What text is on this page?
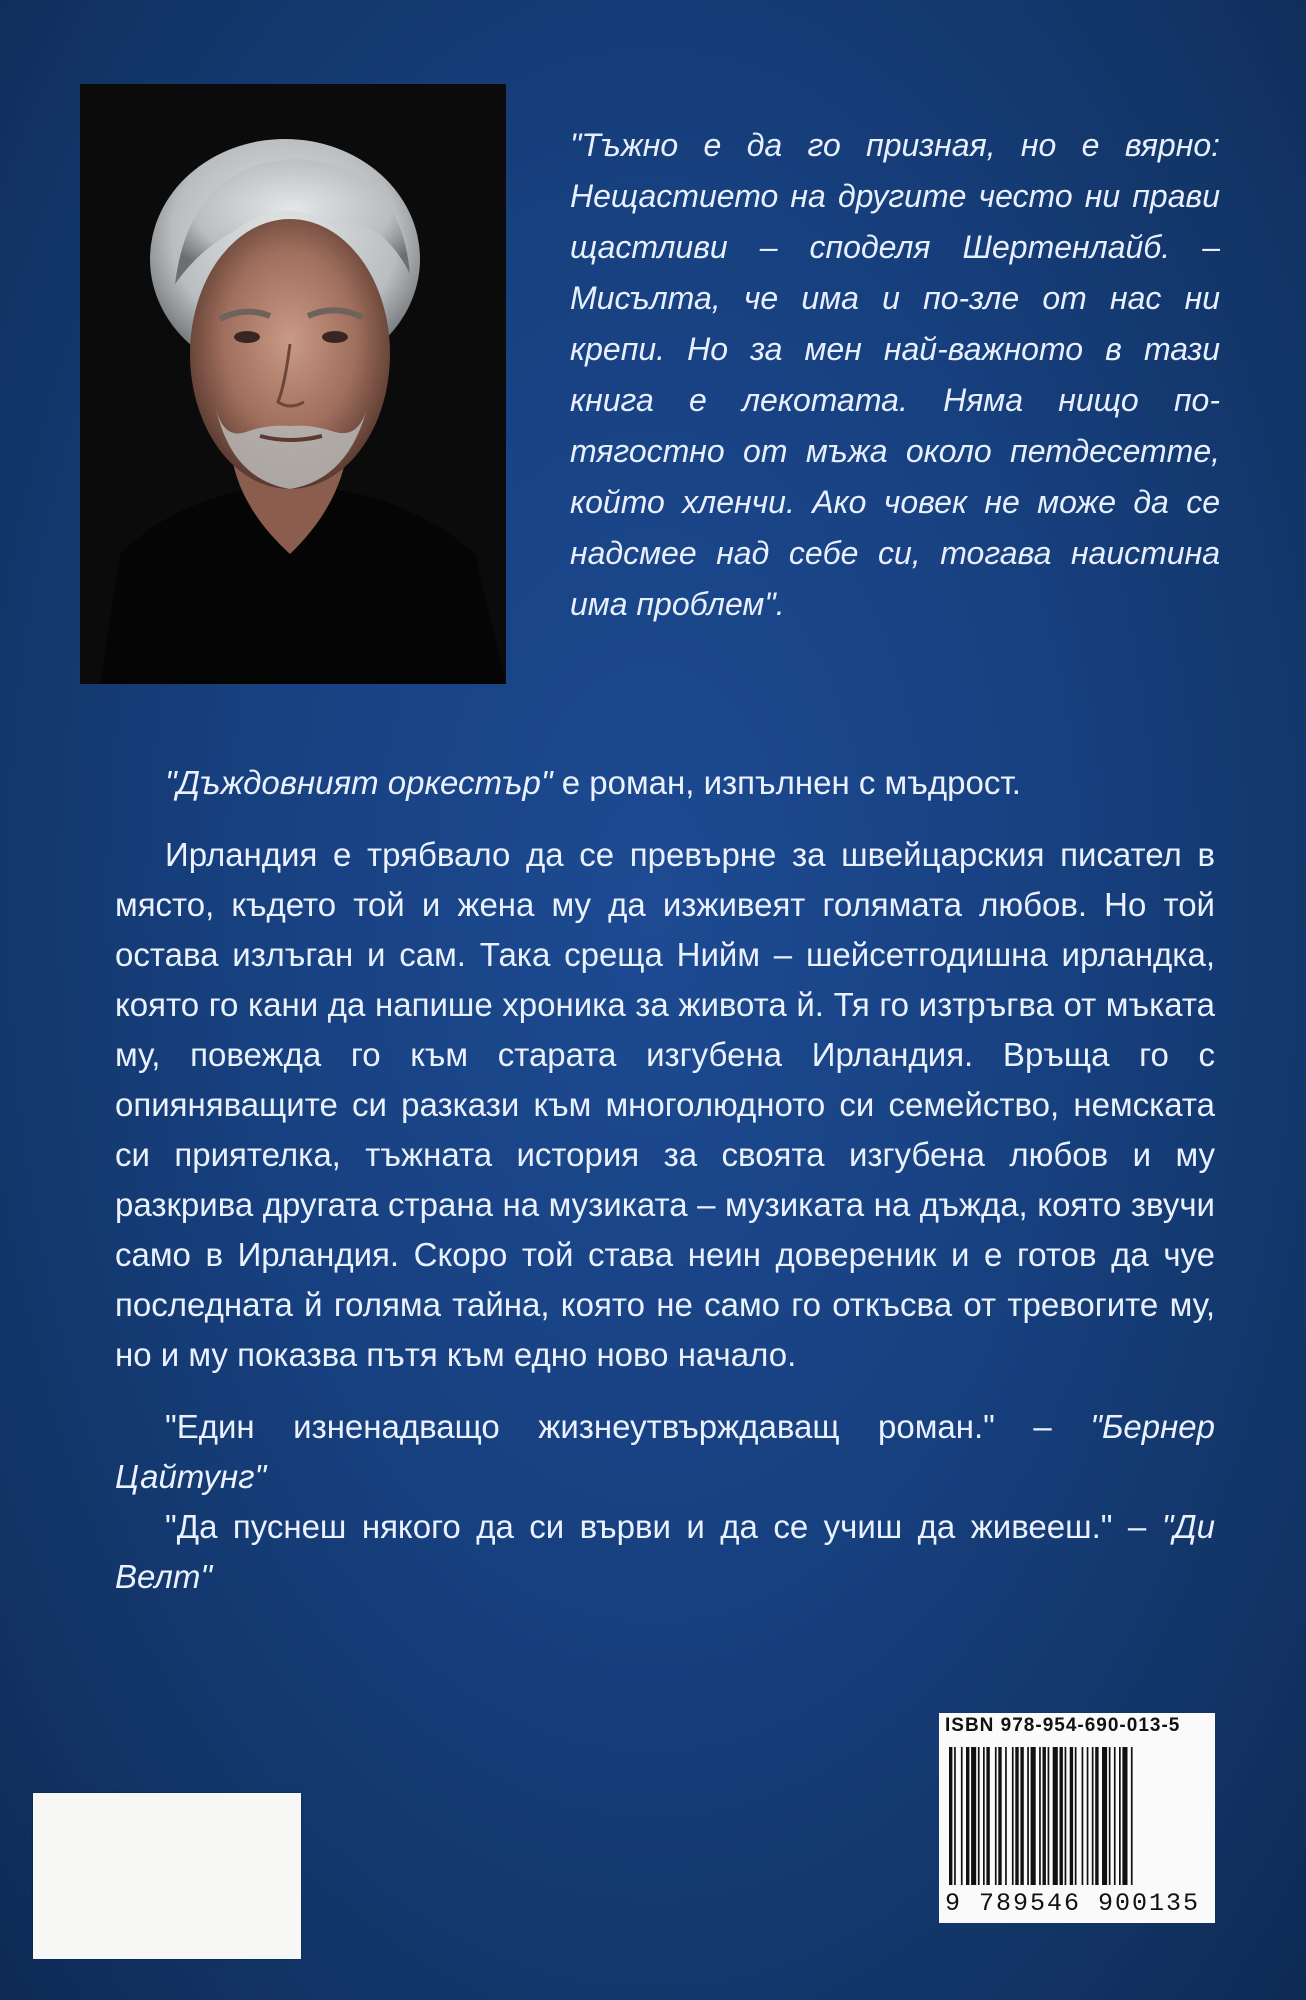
"Тъжно е да го призная, но е вярно: Нещастието на другите често ни прави щастливи – споделя Шертенлайб. – Мисълта, че има и по-зле от нас ни крепи. Но за мен най-важното в тази книга е лекотата. Няма нищо по-тягостно от мъжа около петдесетте, който хленчи. Ако човек не може да се надсмее над себе си, тогава наистина има проблем".

"Дъждовният оркестър" е роман, изпълнен с мъдрост.

Ирландия е трябвало да се превърне за швейцарския писател в място, където той и жена му да изживеят голямата любов. Но той остава излъган и сам. Така среща Нийм – шейсетгодишна ирландка, която го кани да напише хроника за живота й. Тя го изтръгва от мъката му, повежда го към старата изгубена Ирландия. Връща го с опияняващите си разкази към многолюдното си семейство, немската си приятелка, тъжната история за своята изгубена любов и му разкрива другата страна на музиката – музиката на дъжда, която звучи само в Ирландия. Скоро той става неин довереник и е готов да чуе последната й голяма тайна, която не само го откъсва от тревогите му, но и му показва пътя към едно ново начало.

"Един изненадващо жизнеутвърждаващ роман." – "Бернер Цайтунг"

"Да пуснеш някого да си върви и да се учиш да живееш." – "Ди Велт"

ISBN 978-954-690-013-5
9 789546 900135
